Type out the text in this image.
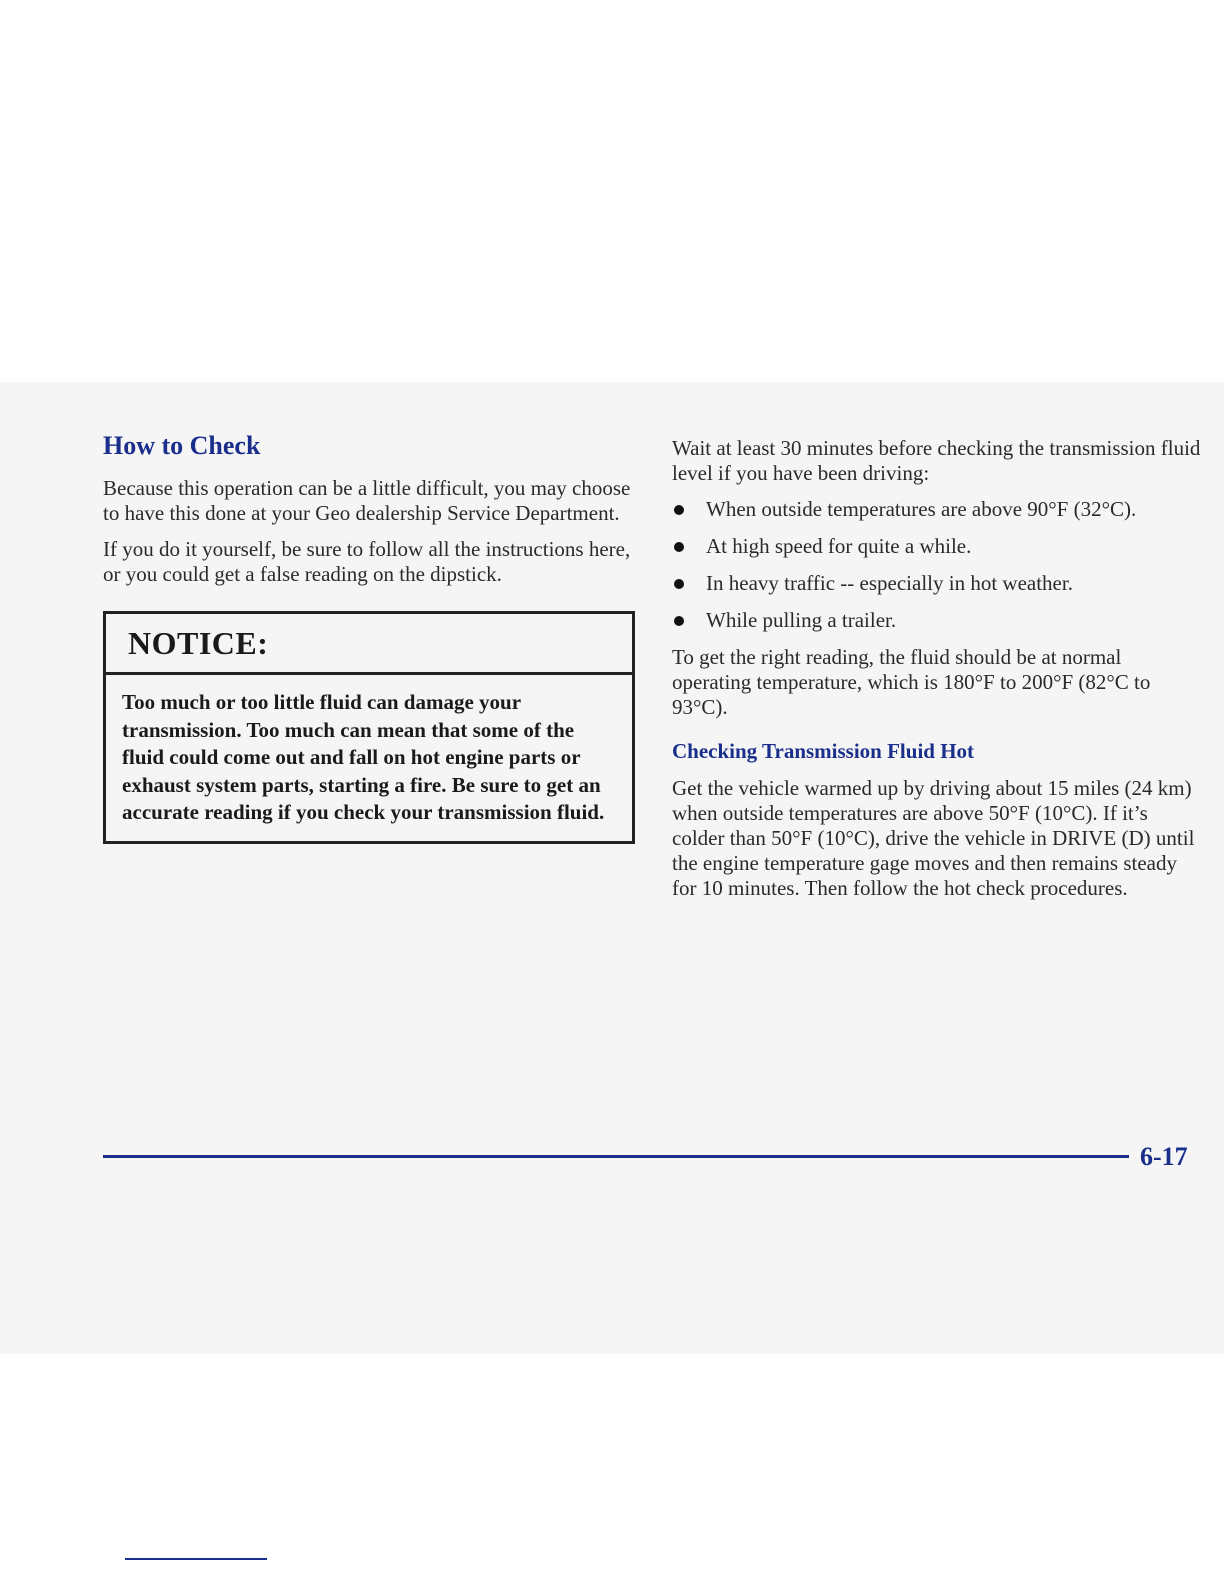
How to Check

Because this operation can be a little difficult, you may choose to have this done at your Geo dealership Service Department.

If you do it yourself, be sure to follow all the instructions here, or you could get a false reading on the dipstick.

NOTICE:
Too much or too little fluid can damage your transmission. Too much can mean that some of the fluid could come out and fall on hot engine parts or exhaust system parts, starting a fire. Be sure to get an accurate reading if you check your transmission fluid.

Wait at least 30 minutes before checking the transmission fluid level if you have been driving:

When outside temperatures are above 90°F (32°C).
At high speed for quite a while.
In heavy traffic -- especially in hot weather.
While pulling a trailer.

To get the right reading, the fluid should be at normal operating temperature, which is 180°F to 200°F (82°C to 93°C).

Checking Transmission Fluid Hot

Get the vehicle warmed up by driving about 15 miles (24 km) when outside temperatures are above 50°F (10°C). If it’s colder than 50°F (10°C), drive the vehicle in DRIVE (D) until the engine temperature gage moves and then remains steady for 10 minutes. Then follow the hot check procedures.

6-17
